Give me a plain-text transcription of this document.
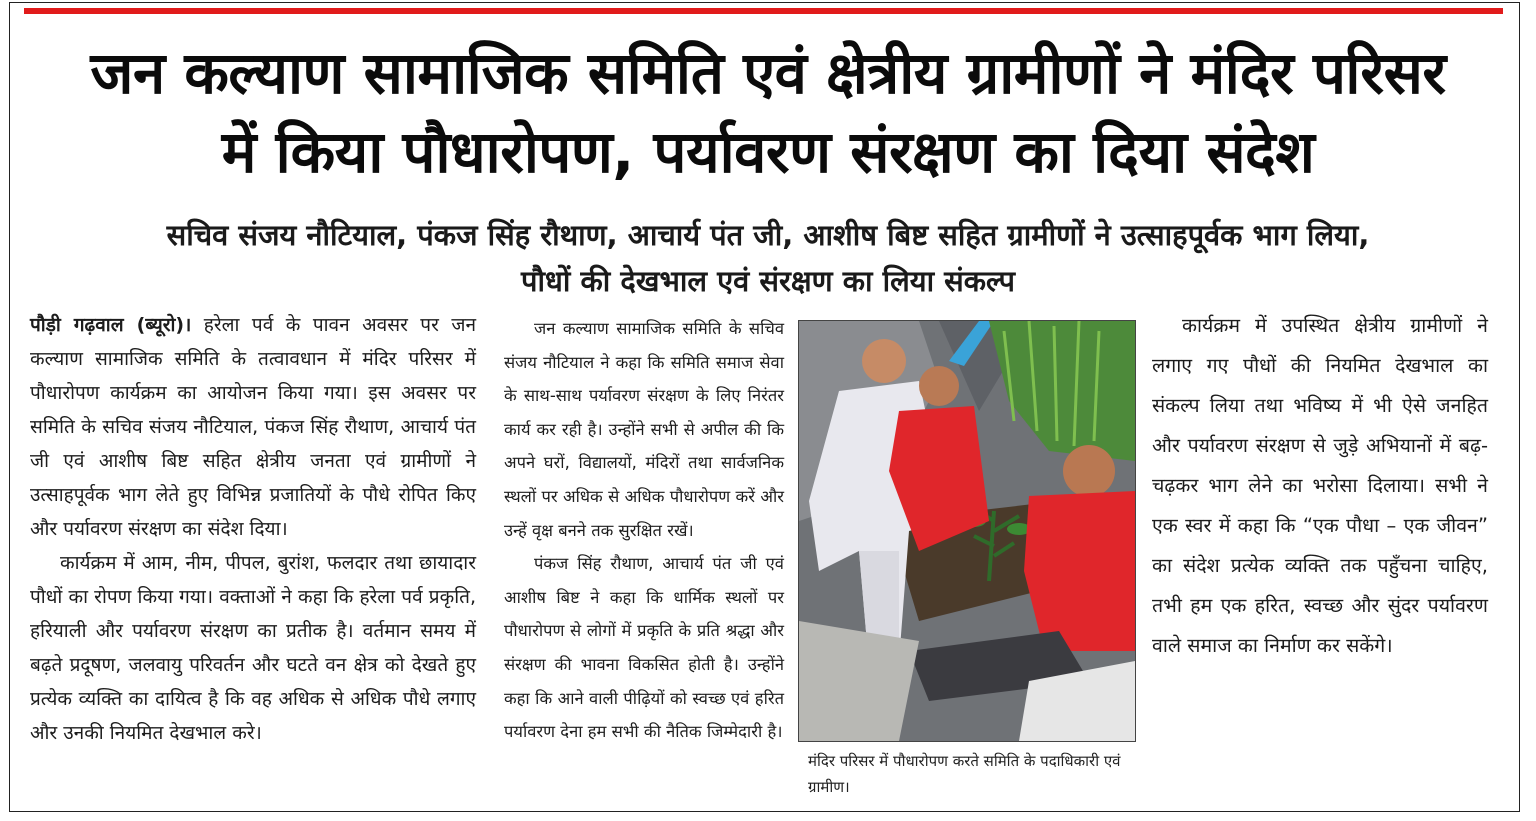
जन कल्याण सामाजिक समिति एवं क्षेत्रीय ग्रामीणों ने मंदिर परिसर
में किया पौधारोपण, पर्यावरण संरक्षण का दिया संदेश
सचिव संजय नौटियाल, पंकज सिंह रौथाण, आचार्य पंत जी, आशीष बिष्ट सहित ग्रामीणों ने उत्साहपूर्वक भाग लिया,
पौधों की देखभाल एवं संरक्षण का लिया संकल्प

पौड़ी गढ़वाल (ब्यूरो)। हरेला पर्व के पावन अवसर पर जन कल्याण सामाजिक समिति के तत्वावधान में मंदिर परिसर में पौधारोपण कार्यक्रम का आयोजन किया गया। इस अवसर पर समिति के सचिव संजय नौटियाल, पंकज सिंह रौथाण, आचार्य पंत जी एवं आशीष बिष्ट सहित क्षेत्रीय जनता एवं ग्रामीणों ने उत्साहपूर्वक भाग लेते हुए विभिन्न प्रजातियों के पौधे रोपित किए और पर्यावरण संरक्षण का संदेश दिया।

कार्यक्रम में आम, नीम, पीपल, बुरांश, फलदार तथा छायादार पौधों का रोपण किया गया। वक्ताओं ने कहा कि हरेला पर्व प्रकृति, हरियाली और पर्यावरण संरक्षण का प्रतीक है। वर्तमान समय में बढ़ते प्रदूषण, जलवायु परिवर्तन और घटते वन क्षेत्र को देखते हुए प्रत्येक व्यक्ति का दायित्व है कि वह अधिक से अधिक पौधे लगाए और उनकी नियमित देखभाल करे।

जन कल्याण सामाजिक समिति के सचिव संजय नौटियाल ने कहा कि समिति समाज सेवा के साथ-साथ पर्यावरण संरक्षण के लिए निरंतर कार्य कर रही है। उन्होंने सभी से अपील की कि अपने घरों, विद्यालयों, मंदिरों तथा सार्वजनिक स्थलों पर अधिक से अधिक पौधारोपण करें और उन्हें वृक्ष बनने तक सुरक्षित रखें।

पंकज सिंह रौथाण, आचार्य पंत जी एवं आशीष बिष्ट ने कहा कि धार्मिक स्थलों पर पौधारोपण से लोगों में प्रकृति के प्रति श्रद्धा और संरक्षण की भावना विकसित होती है। उन्होंने कहा कि आने वाली पीढ़ियों को स्वच्छ एवं हरित पर्यावरण देना हम सभी की नैतिक जिम्मेदारी है।

मंदिर परिसर में पौधारोपण करते समिति के पदाधिकारी एवं ग्रामीण।

कार्यक्रम में उपस्थित क्षेत्रीय ग्रामीणों ने लगाए गए पौधों की नियमित देखभाल का संकल्प लिया तथा भविष्य में भी ऐसे जनहित और पर्यावरण संरक्षण से जुड़े अभियानों में बढ़-चढ़कर भाग लेने का भरोसा दिलाया। सभी ने एक स्वर में कहा कि “एक पौधा – एक जीवन” का संदेश प्रत्येक व्यक्ति तक पहुँचना चाहिए, तभी हम एक हरित, स्वच्छ और सुंदर पर्यावरण वाले समाज का निर्माण कर सकेंगे।
